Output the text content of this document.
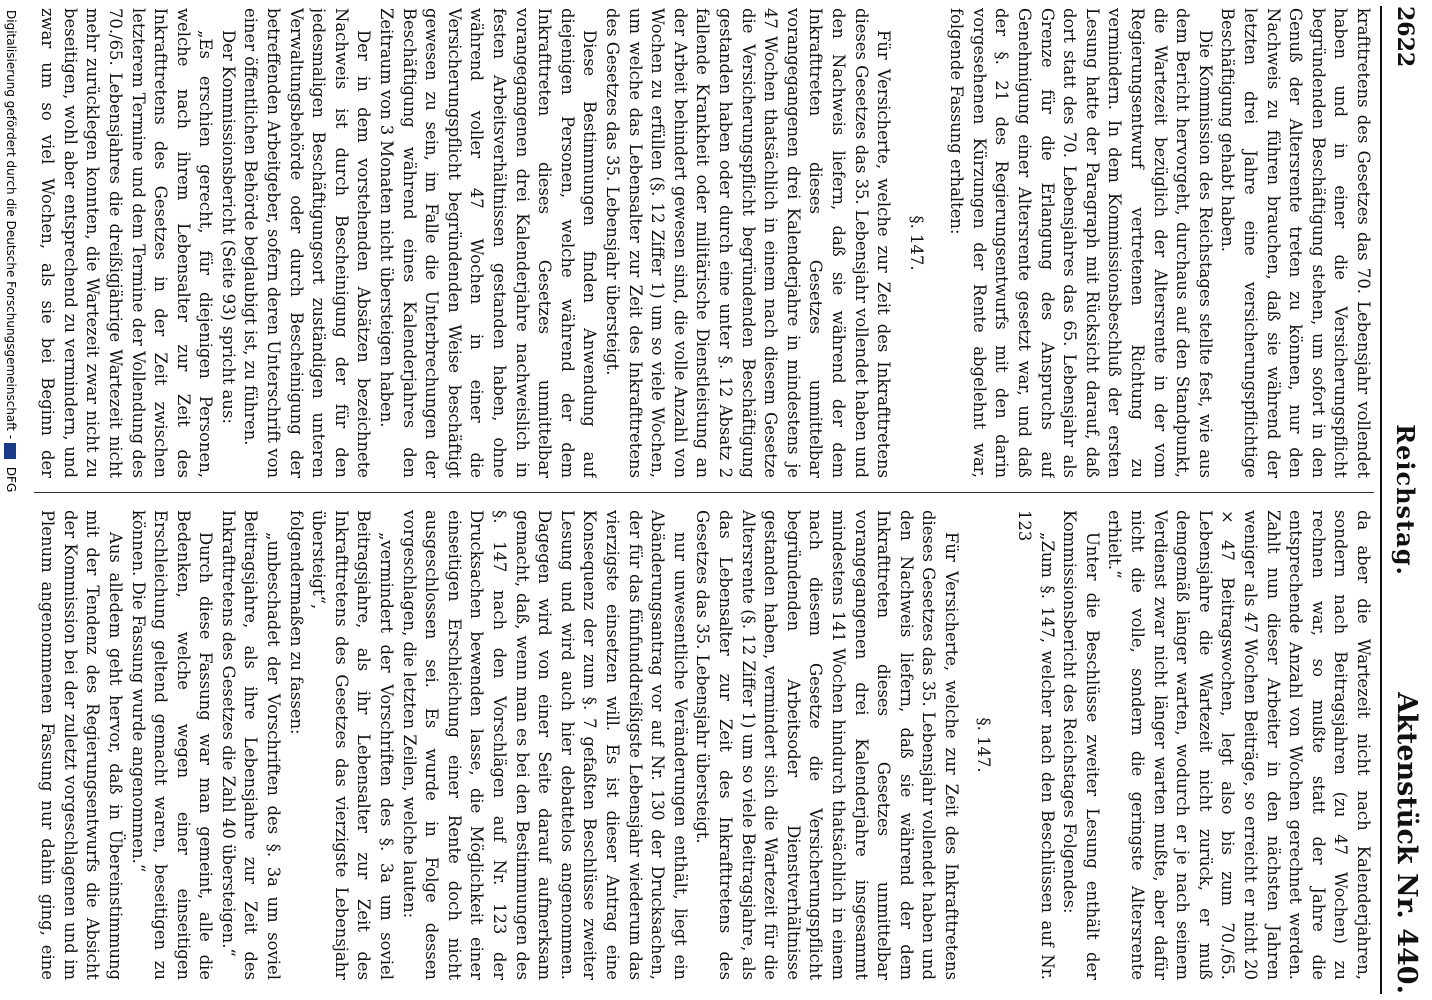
2622
Reichstag.
Aktenstück Nr. 440.

krafttretens des Gesetzes das 70. Lebensjahr vollendet haben und in einer die Versicherungspflicht begründenden Beschäftigung stehen, um sofort in den Genuß der Altersrente treten zu können, nur den Nachweis zu führen brauchen, daß sie während der letzten drei Jahre eine versicherungspflichtige Beschäftigung gehabt haben.

Die Kommission des Reichstages stellte fest, wie aus dem Bericht hervorgeht, durchaus auf den Standpunkt, die Wartezeit bezüglich der Altersrente in der vom Regierungsentwurf vertretenen Richtung zu vermindern. In dem Kommissionsbeschluß der ersten Lesung hatte der Paragraph mit Rücksicht darauf, daß dort statt des 70. Lebensjahres das 65. Lebensjahr als Grenze für die Erlangung des Anspruchs auf Genehmigung einer Altersrente gesetzt war, und daß der §. 21 des Regierungsentwurfs mit den darin vorgesehenen Kürzungen der Rente abgelehnt war, folgende Fassung erhalten:

§. 147.

Für Versicherte, welche zur Zeit des Inkrafttretens dieses Gesetzes das 35. Lebensjahr vollendet haben und den Nachweis liefern, daß sie während der dem Inkrafttreten dieses Gesetzes unmittelbar vorangegangenen drei Kalenderjahre in mindestens je 47 Wochen thatsächlich in einem nach diesem Gesetze die Versicherungspflicht begründenden Beschäftigung gestanden haben oder durch eine unter §. 12 Absatz 2 fallende Krankheit oder militärische Dienstleistung an der Arbeit behindert gewesen sind, die volle Anzahl von Wochen zu erfüllen (§. 12 Ziffer 1) um so viele Wochen, um welche das Lebensalter zur Zeit des Inkrafttretens des Gesetzes das 35. Lebensjahr übersteigt.

Diese Bestimmungen finden Anwendung auf diejenigen Personen, welche während der dem Inkrafttreten dieses Gesetzes unmittelbar vorangegangenen drei Kalenderjahre nachweislich in festen Arbeitsverhältnissen gestanden haben, ohne während voller 47 Wochen in einer die Versicherungspflicht begründenden Weise beschäftigt gewesen zu sein, im Falle die Unterbrechungen der Beschäftigung während eines Kalenderjahres den Zeitraum von 3 Monaten nicht übersteigen haben.

Der in dem vorstehenden Absätzen bezeichnete Nachweis ist durch Bescheinigung der für den jedesmaligen Beschäftigungsort zuständigen unteren Verwaltungsbehörde oder durch Bescheinigung der betreffenden Arbeitgeber, sofern deren Unterschrift von einer öffentlichen Behörde beglaubigt ist, zu führen.

Der Kommissionsbericht (Seite 93) spricht aus:

„Es erschien gerecht, für diejenigen Personen, welche nach ihrem Lebensalter zur Zeit des Inkrafttretens des Gesetzes in der Zeit zwischen letzterem Termine und dem Termine der Vollendung des 70./65. Lebensjahres die dreißigjährige Wartezeit nicht mehr zurücklegen konnten, die Wartezeit zwar nicht zu beseitigen, wohl aber entsprechend zu vermindern, und zwar um so viel Wochen, als sie bei Beginn der

da aber die Wartezeit nicht nach Kalenderjahren, sondern nach Beitragsjahren (zu 47 Wochen) zu rechnen war, so mußte statt der Jahre die entsprechende Anzahl von Wochen gerechnet werden. Zahlt nun dieser Arbeiter in den nächsten Jahren weniger als 47 Wochen Beiträge, so erreicht er nicht 20 × 47 Beitragswochen, legt also bis zum 70./65. Lebensjahre die Wartezeit nicht zurück, er muß demgemäß länger warten, wodurch er je nach seinem Verdienst zwar nicht länger warten mußte, aber dafür nicht die volle, sondern die geringste Altersrente erhielt.“

Unter die Beschlüsse zweiter Lesung enthält der Kommissionsbericht des Reichstages Folgendes:

„Zum §. 147, welcher nach den Beschlüssen auf Nr. 123

§. 147.

Für Versicherte, welche zur Zeit des Inkrafttretens dieses Gesetzes das 35. Lebensjahr vollendet haben und den Nachweis liefern, daß sie während der dem Inkrafttreten dieses Gesetzes unmittelbar vorangegangenen drei Kalenderjahre insgesammt mindestens 141 Wochen hindurch thatsächlich in einem nach diesem Gesetze die Versicherungspflicht begründenden Arbeitsoder Dienstverhältnisse gestanden haben, vermindert sich die Wartezeit für die Altersrente (§. 12 Ziffer 1) um so viele Beitragsjahre, als das Lebensalter zur Zeit des Inkrafttretens des Gesetzes das 35. Lebensjahr übersteigt.

nur unwesentliche Veränderungen enthält, liegt ein Abänderungsantrag vor auf Nr. 130 der Drucksachen, der für das fünfunddreißigste Lebensjahr wiederum das vierzigste einsetzen will. Es ist dieser Antrag eine Konsequenz der zum §. 7 gefaßten Beschlüsse zweiter Lesung und wird auch hier debattelos angenommen. Dagegen wird von einer Seite darauf aufmerksam gemacht, daß, wenn man es bei den Bestimmungen des §. 147 nach den Vorschlägen auf Nr. 123 der Drucksachen bewenden lasse, die Möglichkeit einer einseitigen Erschleichung einer Rente doch nicht ausgeschlossen sei. Es wurde in Folge dessen vorgeschlagen, die letzten Zeilen, welche lauten:

„vermindert der Vorschriften des §. 3a um soviel Beitragsjahre, als ihr Lebensalter zur Zeit des Inkrafttretens des Gesetzes das vierzigste Lebensjahr übersteigt“,

folgendermaßen zu fassen:

„unbeschadet der Vorschriften des §. 3a um soviel Beitragsjahre, als ihre Lebensjahre zur Zeit des Inkrafttretens des Gesetzes die Zahl 40 übersteigen.“

Durch diese Fassung war man gemeint, alle die Bedenken, welche wegen einer einseitigen Erschleichung geltend gemacht waren, beseitigen zu können. Die Fassung wurde angenommen.“

Aus alledem geht hervor, daß in Übereinstimmung mit der Tendenz des Regierungsentwurfs die Absicht der Kommission bei der zuletzt vorgeschlagenen und im Plenum angenommenen Fassung nur dahin ging, eine

Digitalisierung gefördert durch die Deutsche Forschungsgemeinschaft -  DFG
